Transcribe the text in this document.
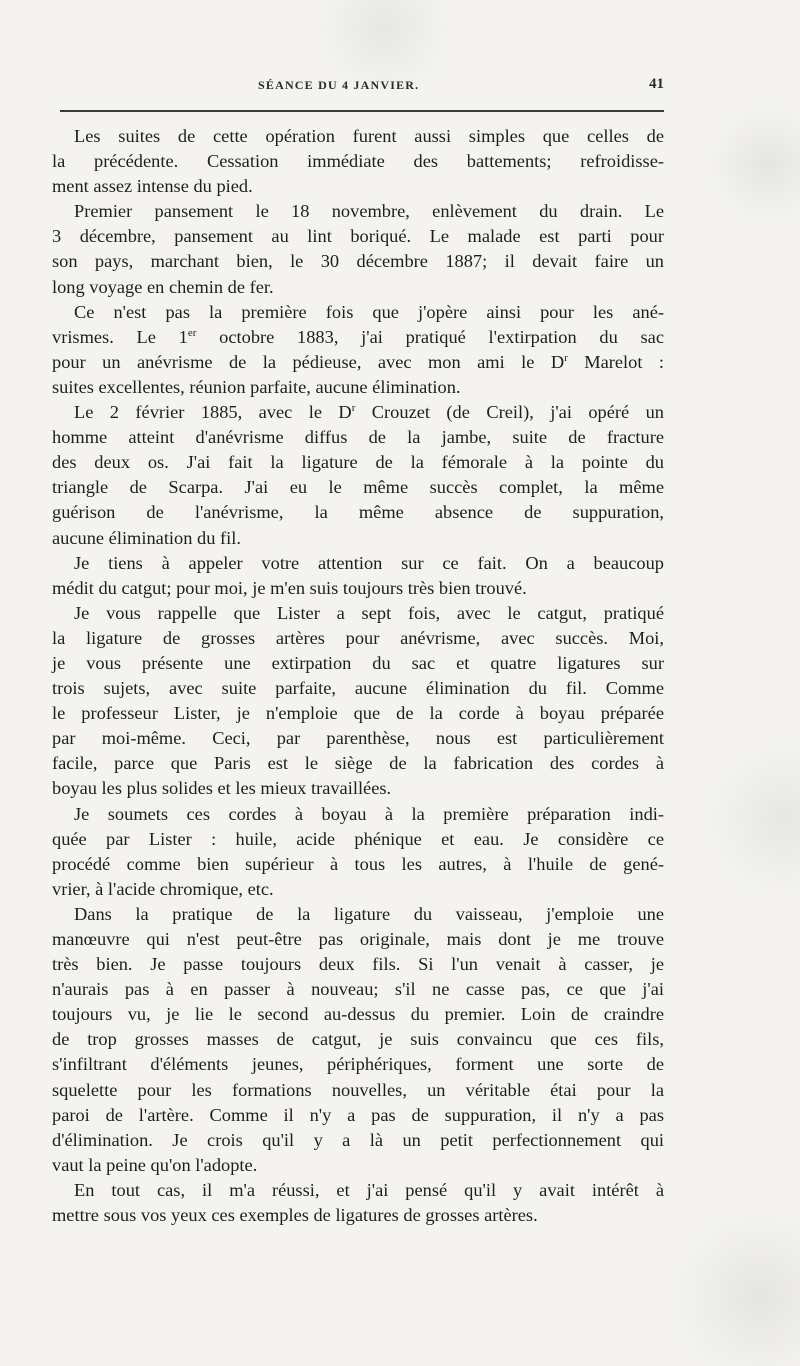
SÉANCE DU 4 JANVIER.	41
Les suites de cette opération furent aussi simples que celles de
la précédente. Cessation immédiate des battements; refroidisse-
ment assez intense du pied.
Premier pansement le 18 novembre, enlèvement du drain. Le
3 décembre, pansement au lint boriqué. Le malade est parti pour
son pays, marchant bien, le 30 décembre 1887; il devait faire un
long voyage en chemin de fer.
Ce n'est pas la première fois que j'opère ainsi pour les ané-
vrismes. Le 1er octobre 1883, j'ai pratiqué l'extirpation du sac
pour un anévrisme de la pédieuse, avec mon ami le $D^r$ Marelot :
suites excellentes, réunion parfaite, aucune élimination.
Le 2 février 1885, avec le $D^r$ Crouzet (de Creil), j'ai opéré un
homme atteint d'anévrisme diffus de la jambe, suite de fracture
des deux os. J'ai fait la ligature de la fémorale à la pointe du
triangle de Scarpa. J'ai eu le même succès complet, la même
guérison de l'anévrisme, la même absence de suppuration,
aucune élimination du fil.
Je tiens à appeler votre attention sur ce fait. On a beaucoup
médit du catgut; pour moi, je m'en suis toujours très bien trouvé.
Je vous rappelle que Lister a sept fois, avec le catgut, pratiqué
la ligature de grosses artères pour anévrisme, avec succès. Moi,
je vous présente une extirpation du sac et quatre ligatures sur
trois sujets, avec suite parfaite, aucune élimination du fil. Comme
le professeur Lister, je n'emploie que de la corde à boyau préparée
par moi-même. Ceci, par parenthèse, nous est particulièrement
facile, parce que Paris est le siège de la fabrication des cordes à
boyau les plus solides et les mieux travaillées.
Je soumets ces cordes à boyau à la première préparation indi-
quée par Lister : huile, acide phénique et eau. Je considère ce
procédé comme bien supérieur à tous les autres, à l'huile de gené-
vrier, à l'acide chromique, etc.
Dans la pratique de la ligature du vaisseau, j'emploie une
manœuvre qui n'est peut-être pas originale, mais dont je me trouve
très bien. Je passe toujours deux fils. Si l'un venait à casser, je
n'aurais pas à en passer à nouveau; s'il ne casse pas, ce que j'ai
toujours vu, je lie le second au-dessus du premier. Loin de craindre
de trop grosses masses de catgut, je suis convaincu que ces fils,
s'infiltrant d'éléments jeunes, périphériques, forment une sorte de
squelette pour les formations nouvelles, un véritable étai pour la
paroi de l'artère. Comme il n'y a pas de suppuration, il n'y a pas
d'élimination. Je crois qu'il y a là un petit perfectionnement qui
vaut la peine qu'on l'adopte.
En tout cas, il m'a réussi, et j'ai pensé qu'il y avait intérêt à
mettre sous vos yeux ces exemples de ligatures de grosses artères.
